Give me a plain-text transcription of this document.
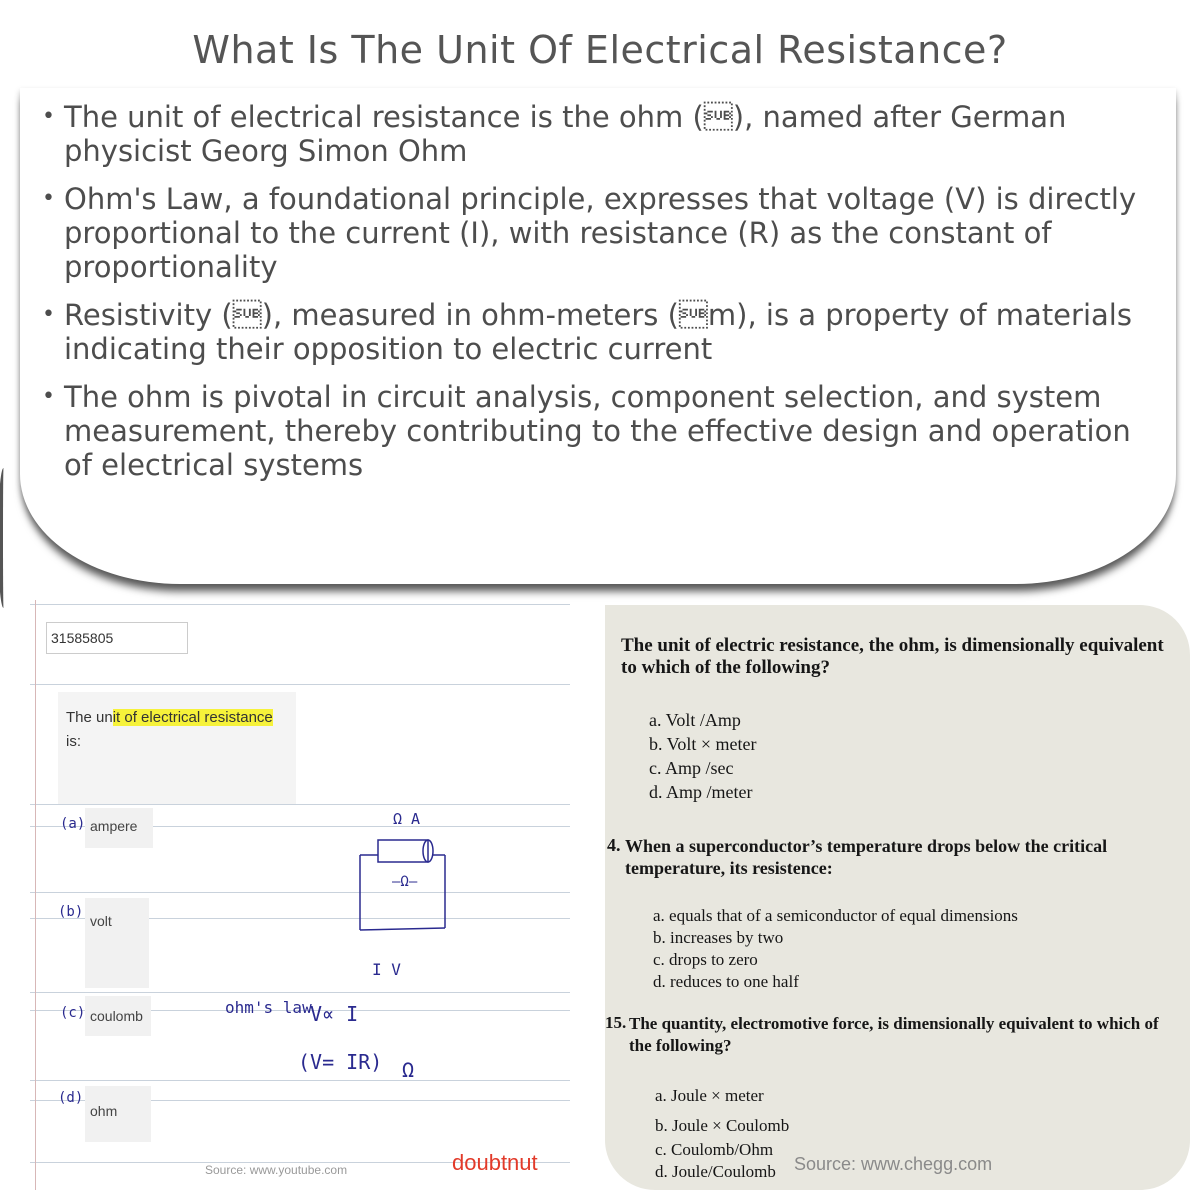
What Is The Unit Of Electrical Resistance?
• The unit of electrical resistance is the ohm (), named after German physicist Georg Simon Ohm
• Ohm's Law, a foundational principle, expresses that voltage (V) is directly proportional to the current (I), with resistance (R) as the constant of proportionality
• Resistivity (), measured in ohm-meters (m), is a property of materials indicating their opposition to electric current
• The ohm is pivotal in circuit analysis, component selection, and system measurement, thereby contributing to the effective design and operation of electrical systems
31585805
The unit of electrical resistance
is:
(a) ampere
(b)
volt
(c) coulomb
(d)
ohm
Ω A
—Ω—
I V
ohm's law
V∝ I
(V= IR) Ω
Source: www.youtube.com	doubtnut
The unit of electric resistance, the ohm, is dimensionally equivalent to which of the following?
a. Volt /Amp
b. Volt × meter
c. Amp /sec
d. Amp /meter
4. When a superconductor’s temperature drops below the critical temperature, its resistence:
a. equals that of a semiconductor of equal dimensions
b. increases by two
c. drops to zero
d. reduces to one half
15. The quantity, electromotive force, is dimensionally equivalent to which of the following?
a. Joule × meter
b. Joule × Coulomb
c. Coulomb/Ohm
d. Joule/Coulomb Source: www.chegg.com
